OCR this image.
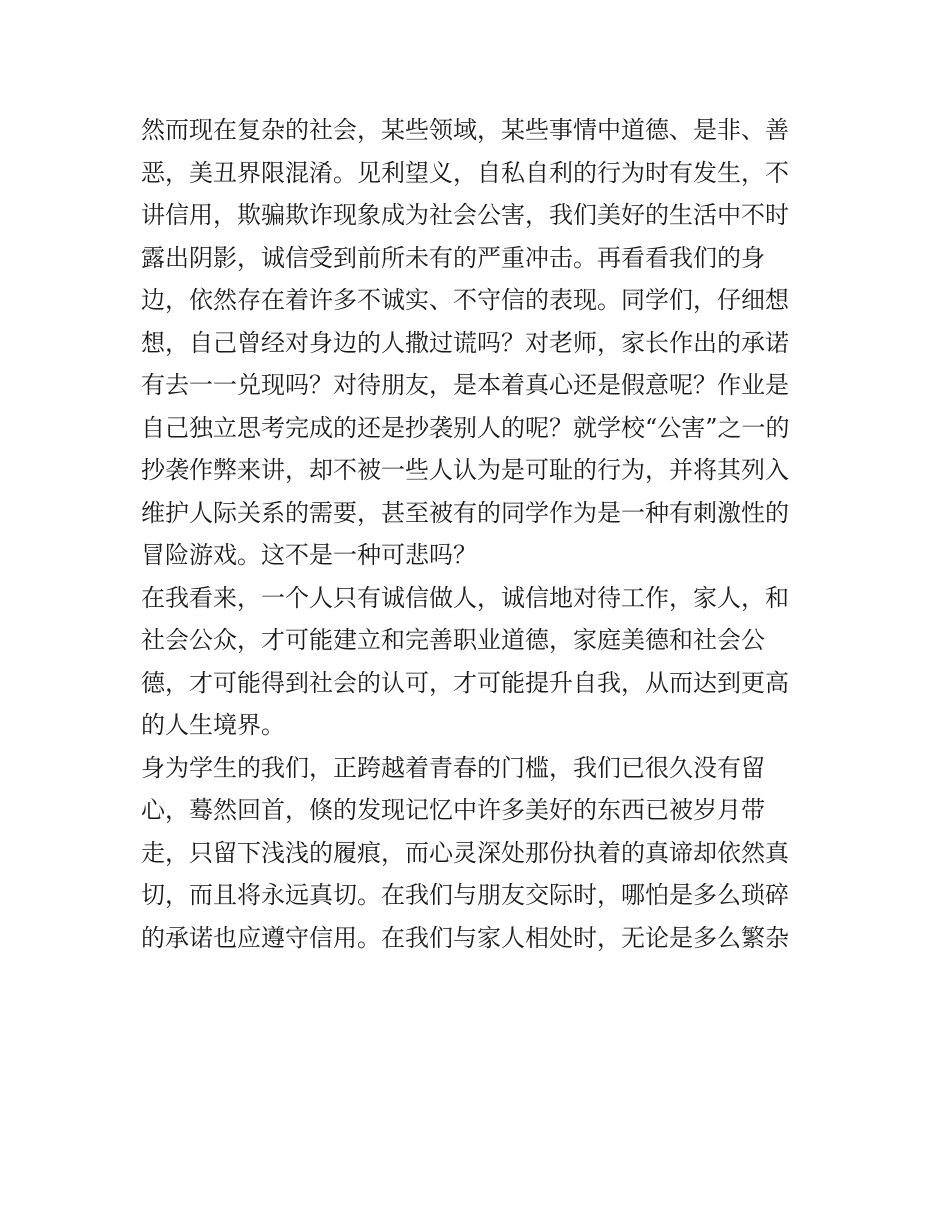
然而现在复杂的社会，某些领域，某些事情中道德、是非、善
恶，美丑界限混淆。见利望义，自私自利的行为时有发生，不
讲信用，欺骗欺诈现象成为社会公害，我们美好的生活中不时
露出阴影，诚信受到前所未有的严重冲击。再看看我们的身
边，依然存在着许多不诚实、不守信的表现。同学们，仔细想
想，自己曾经对身边的人撒过谎吗？对老师，家长作出的承诺
有去一一兑现吗？对待朋友，是本着真心还是假意呢？作业是
自己独立思考完成的还是抄袭别人的呢？就学校“公害”之一的
抄袭作弊来讲，却不被一些人认为是可耻的行为，并将其列入
维护人际关系的需要，甚至被有的同学作为是一种有刺激性的
冒险游戏。这不是一种可悲吗？
在我看来，一个人只有诚信做人，诚信地对待工作，家人，和
社会公众，才可能建立和完善职业道德，家庭美德和社会公
德，才可能得到社会的认可，才可能提升自我，从而达到更高
的人生境界。
身为学生的我们，正跨越着青春的门槛，我们已很久没有留
心，蓦然回首，倏的发现记忆中许多美好的东西已被岁月带
走，只留下浅浅的履痕，而心灵深处那份执着的真谛却依然真
切，而且将永远真切。在我们与朋友交际时，哪怕是多么琐碎
的承诺也应遵守信用。在我们与家人相处时，无论是多么繁杂
